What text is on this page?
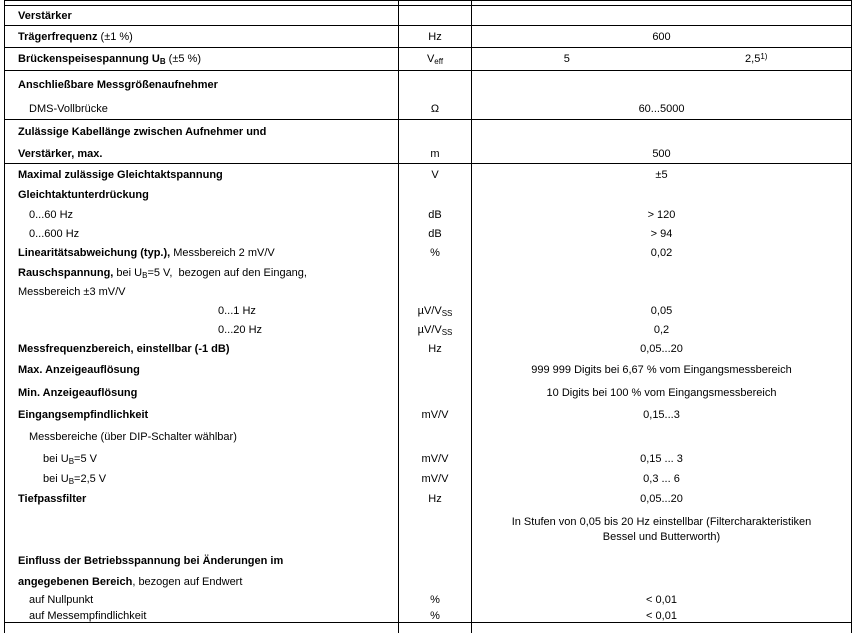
Verstärker
Trägerfrequenz (±1 %)	Hz	600
Brückenspeisespannung U B (±5 %)	V eff	5	2,5$^{1)}$
Anschließbare Messgrößenaufnehmer
DMS-Vollbrücke	Ω	60...5000
Zulässige Kabellänge zwischen Aufnehmer und
Verstärker, max.	m	500
Maximal zulässige Gleichtaktspannung	V	±5
Gleichtaktunterdrückung
0...60 Hz	dB	> 120
0...600 Hz	dB	> 94
Linearitätsabweichung (typ.), Messbereich 2 mV/V	%	0,02
Rauschspannung, bei U B =5 V,  bezogen auf den Eingang,
Messbereich ±3 mV/V
0...1 Hz	µV/V SS	0,05
0...20 Hz	µV/V SS	0,2
Messfrequenzbereich, einstellbar (-1 dB)	Hz	0,05...20
Max. Anzeigeauflösung	999 999 Digits bei 6,67 % vom Eingangsmessbereich
Min. Anzeigeauflösung	10 Digits bei 100 % vom Eingangsmessbereich
Eingangsempfindlichkeit	mV/V	0,15...3
Messbereiche (über DIP-Schalter wählbar)
bei U B =5 V	mV/V	0,15 ... 3
bei U B =2,5 V	mV/V	0,3 ... 6
Tiefpassfilter	Hz	0,05...20
In Stufen von 0,05 bis 20 Hz einstellbar (Filtercharakteristiken
Bessel und Butterworth)
Einfluss der Betriebsspannung bei Änderungen im
angegebenen Bereich , bezogen auf Endwert
auf Nullpunkt	%	< 0,01
auf Messempfindlichkeit	%	< 0,01
